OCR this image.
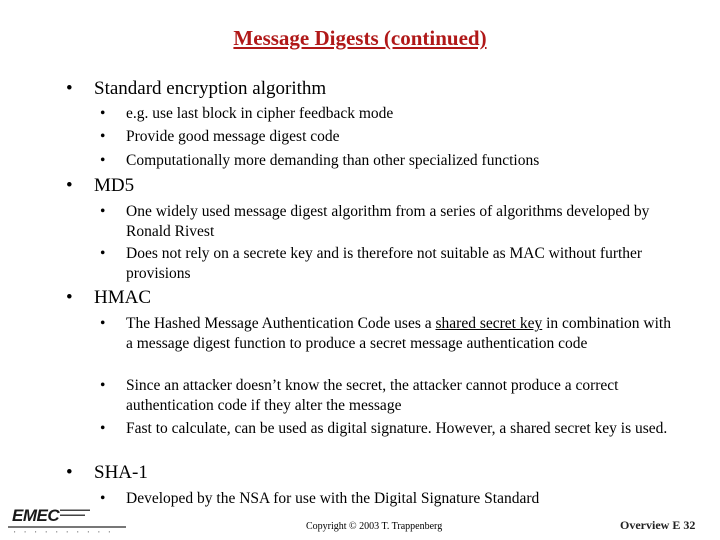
Message Digests (continued)
• Standard encryption algorithm
• e.g. use last block in cipher feedback mode
• Provide good message digest code
• Computationally more demanding than other specialized functions
• MD5
• One widely used message digest algorithm from a series of algorithms developed by Ronald Rivest
• Does not rely on a secrete key and is therefore not suitable as MAC without further provisions
• HMAC
• The Hashed Message Authentication Code uses a shared secret key in combination with a message digest function to produce a secret message authentication code
• Since an attacker doesn’t know the secret, the attacker cannot produce a correct authentication code if they alter the message
• Fast to calculate, can be used as digital signature. However, a shared secret key is used.
• SHA-1
• Developed by the NSA for use with the Digital Signature Standard
EMEC ▬▬▬▬▬▬
▬▬▬▬▬
▪ ▪ ▪ ▪ ▪ ▪ ▪ ▪ ▪ ▪	Copyright © 2003 T. Trappenberg	Overview E 32
